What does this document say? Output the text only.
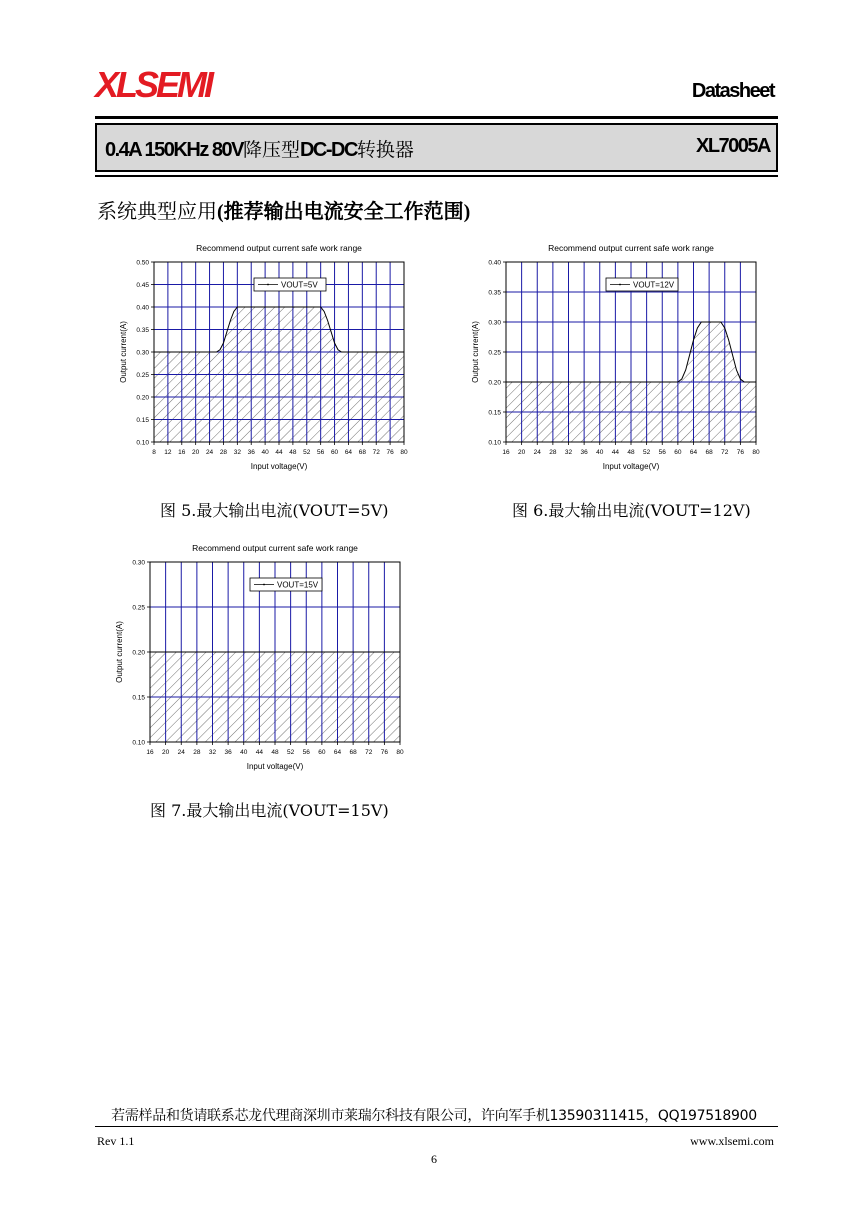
XLSEMI	Datasheet
0.4A 150KHz 80V降压型DC-DC转换器	XL7005A
系统典型应用(推荐输出电流安全工作范围)
Recommend output current safe work range
8 12 16 20 24 28 32 36 40 44 48 52 56 60 64 68 72 76 80
0.10
0.15
0.20
0.25
0.30
0.35
0.40
0.45
0.50
Input voltage(V)
Output current(A)
VOUT=5V
Recommend output current safe work range
16 20 24 28 32 36 40 44 48 52 56 60 64 68 72 76 80
0.10
0.15
0.20
0.25
0.30
0.35
0.40
Input voltage(V)
Output current(A)
VOUT=12V
Recommend output current safe work range
16 20 24 28 32 36 40 44 48 52 56 60 64 68 72 76 80
0.10
0.15
0.20
0.25
0.30
Input voltage(V)
Output current(A)
VOUT=15V
图 5.最大输出电流(VOUT=5V)	图 6.最大输出电流(VOUT=12V)
图 7.最大输出电流(VOUT=15V)
若需样品和货请联系芯龙代理商深圳市莱瑞尔科技有限公司，许向军手机13590311415，QQ197518900
Rev 1.1	www.xlsemi.com
6
